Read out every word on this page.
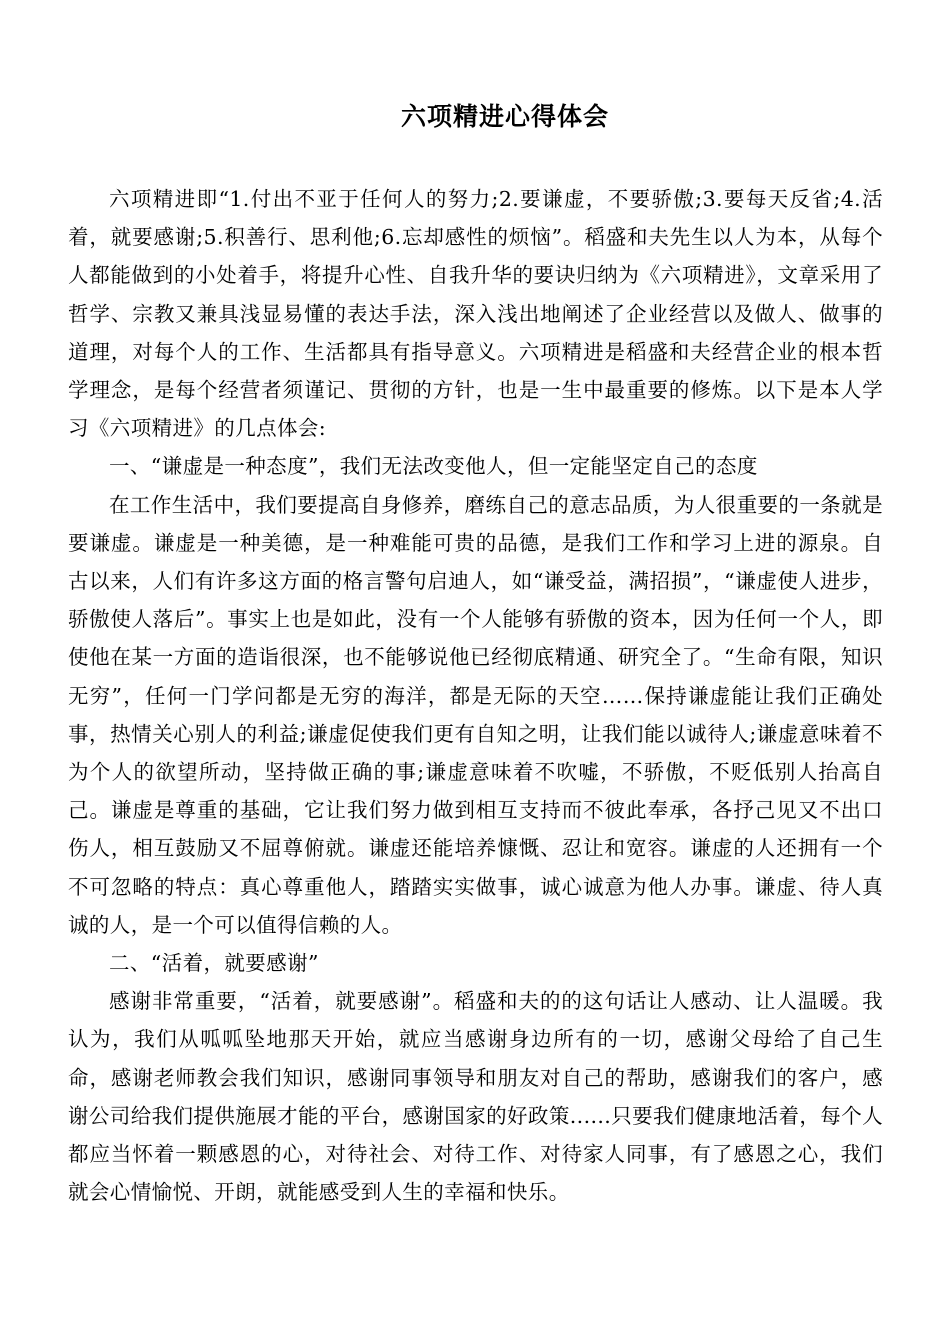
六项精进心得体会

六项精进即“1.付出不亚于任何人的努力;2.要谦虚，不要骄傲;3.要每天反省;4.活着，就要感谢;5.积善行、思利他;6.忘却感性的烦恼”。稻盛和夫先生以人为本，从每个人都能做到的小处着手，将提升心性、自我升华的要诀归纳为《六项精进》，文章采用了哲学、宗教又兼具浅显易懂的表达手法，深入浅出地阐述了企业经营以及做人、做事的道理，对每个人的工作、生活都具有指导意义。六项精进是稻盛和夫经营企业的根本哲学理念，是每个经营者须谨记、贯彻的方针，也是一生中最重要的修炼。以下是本人学习《六项精进》的几点体会:

一、“谦虚是一种态度”，我们无法改变他人，但一定能坚定自己的态度

在工作生活中，我们要提高自身修养，磨练自己的意志品质，为人很重要的一条就是要谦虚。谦虚是一种美德，是一种难能可贵的品德，是我们工作和学习上进的源泉。自古以来，人们有许多这方面的格言警句启迪人，如“谦受益，满招损”，“谦虚使人进步，骄傲使人落后”。事实上也是如此，没有一个人能够有骄傲的资本，因为任何一个人，即使他在某一方面的造诣很深，也不能够说他已经彻底精通、研究全了。“生命有限，知识无穷”，任何一门学问都是无穷的海洋，都是无际的天空……保持谦虚能让我们正确处事，热情关心别人的利益;谦虚促使我们更有自知之明，让我们能以诚待人;谦虚意味着不为个人的欲望所动，坚持做正确的事;谦虚意味着不吹嘘，不骄傲，不贬低别人抬高自己。谦虚是尊重的基础，它让我们努力做到相互支持而不彼此奉承，各抒己见又不出口伤人，相互鼓励又不屈尊俯就。谦虚还能培养慷慨、忍让和宽容。谦虚的人还拥有一个不可忽略的特点：真心尊重他人，踏踏实实做事，诚心诚意为他人办事。谦虚、待人真诚的人，是一个可以值得信赖的人。

二、“活着，就要感谢”

感谢非常重要，“活着，就要感谢”。稻盛和夫的的这句话让人感动、让人温暖。我认为，我们从呱呱坠地那天开始，就应当感谢身边所有的一切，感谢父母给了自己生命，感谢老师教会我们知识，感谢同事领导和朋友对自己的帮助，感谢我们的客户，感谢公司给我们提供施展才能的平台，感谢国家的好政策......只要我们健康地活着，每个人都应当怀着一颗感恩的心，对待社会、对待工作、对待家人同事，有了感恩之心，我们就会心情愉悦、开朗，就能感受到人生的幸福和快乐。
